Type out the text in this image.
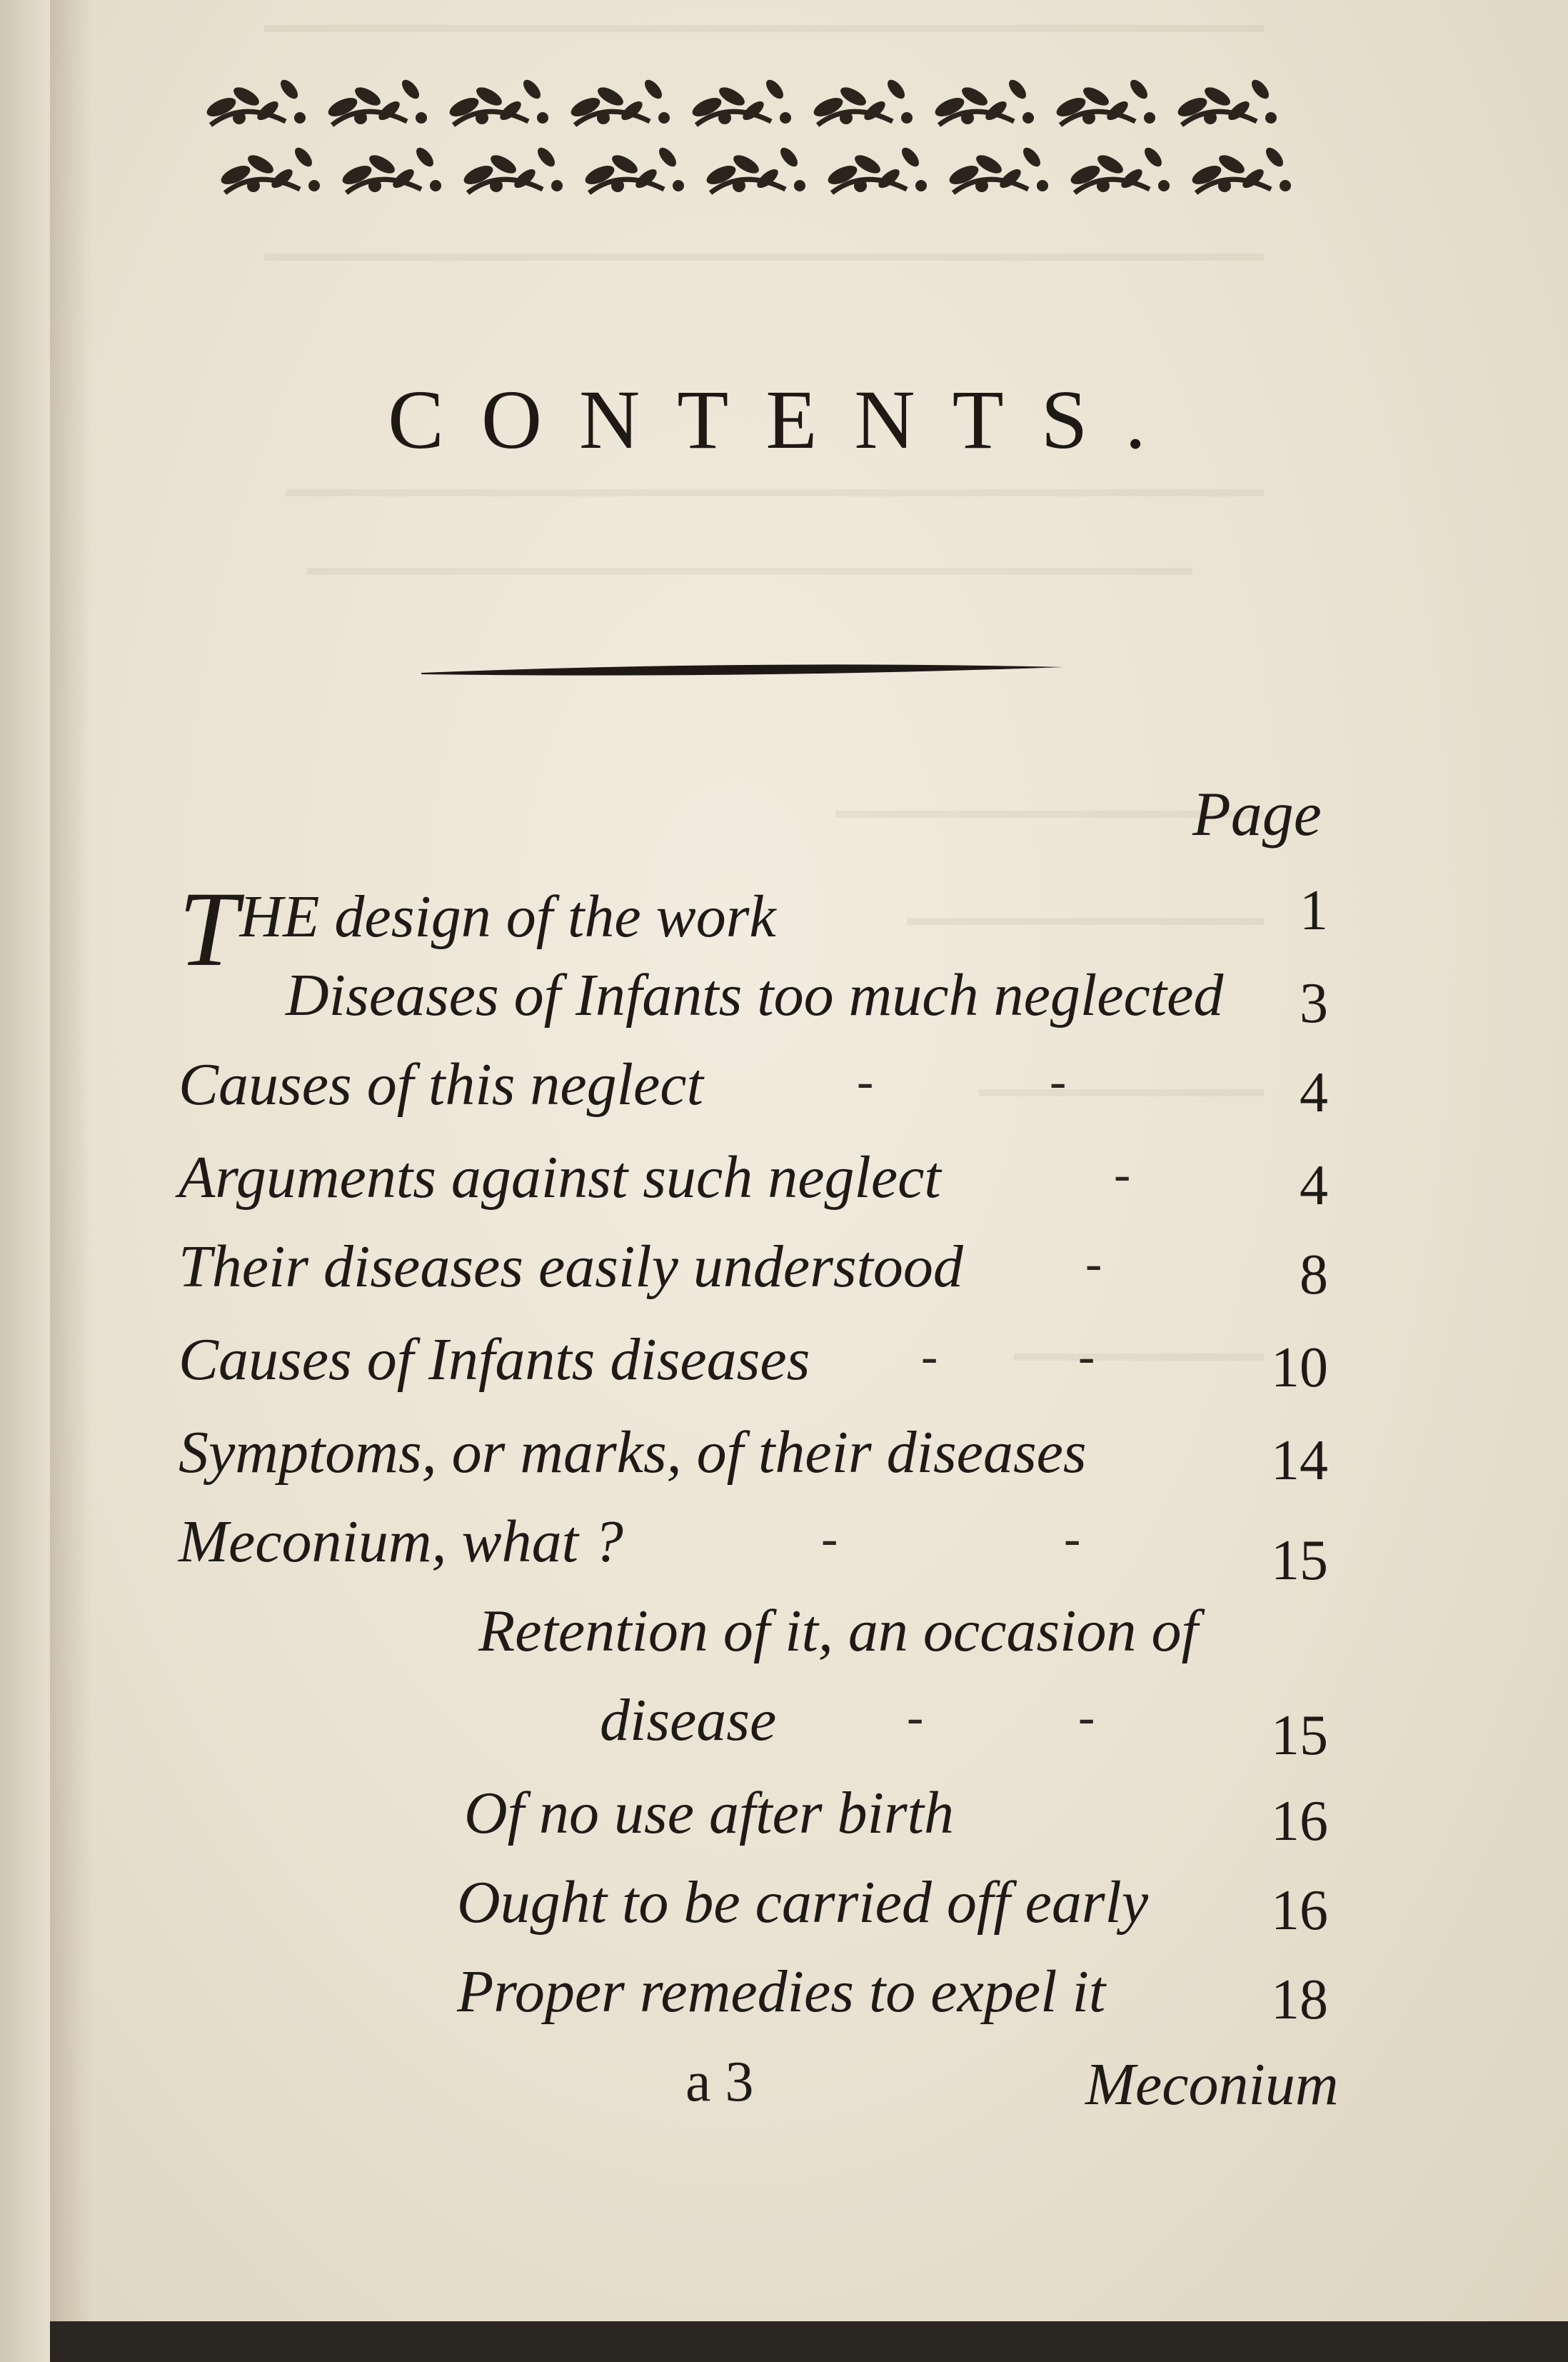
CONTENTS.
Page
THE design of the work	1
Diseases of Infants too much neglected	3
Causes of this neglect	-	-	4
Arguments against such neglect	-	4
Their diseases easily understood -	8
Causes of Infants diseases -	-	10
Symptoms, or marks, of their diseases	14
Meconium, what ?	-	-	15
Retention of it, an occasion of
disease	-	-	15
Of no use after birth	16
Ought to be carried off early	16
Proper remedies to expel it	18
a 3	Meconium
